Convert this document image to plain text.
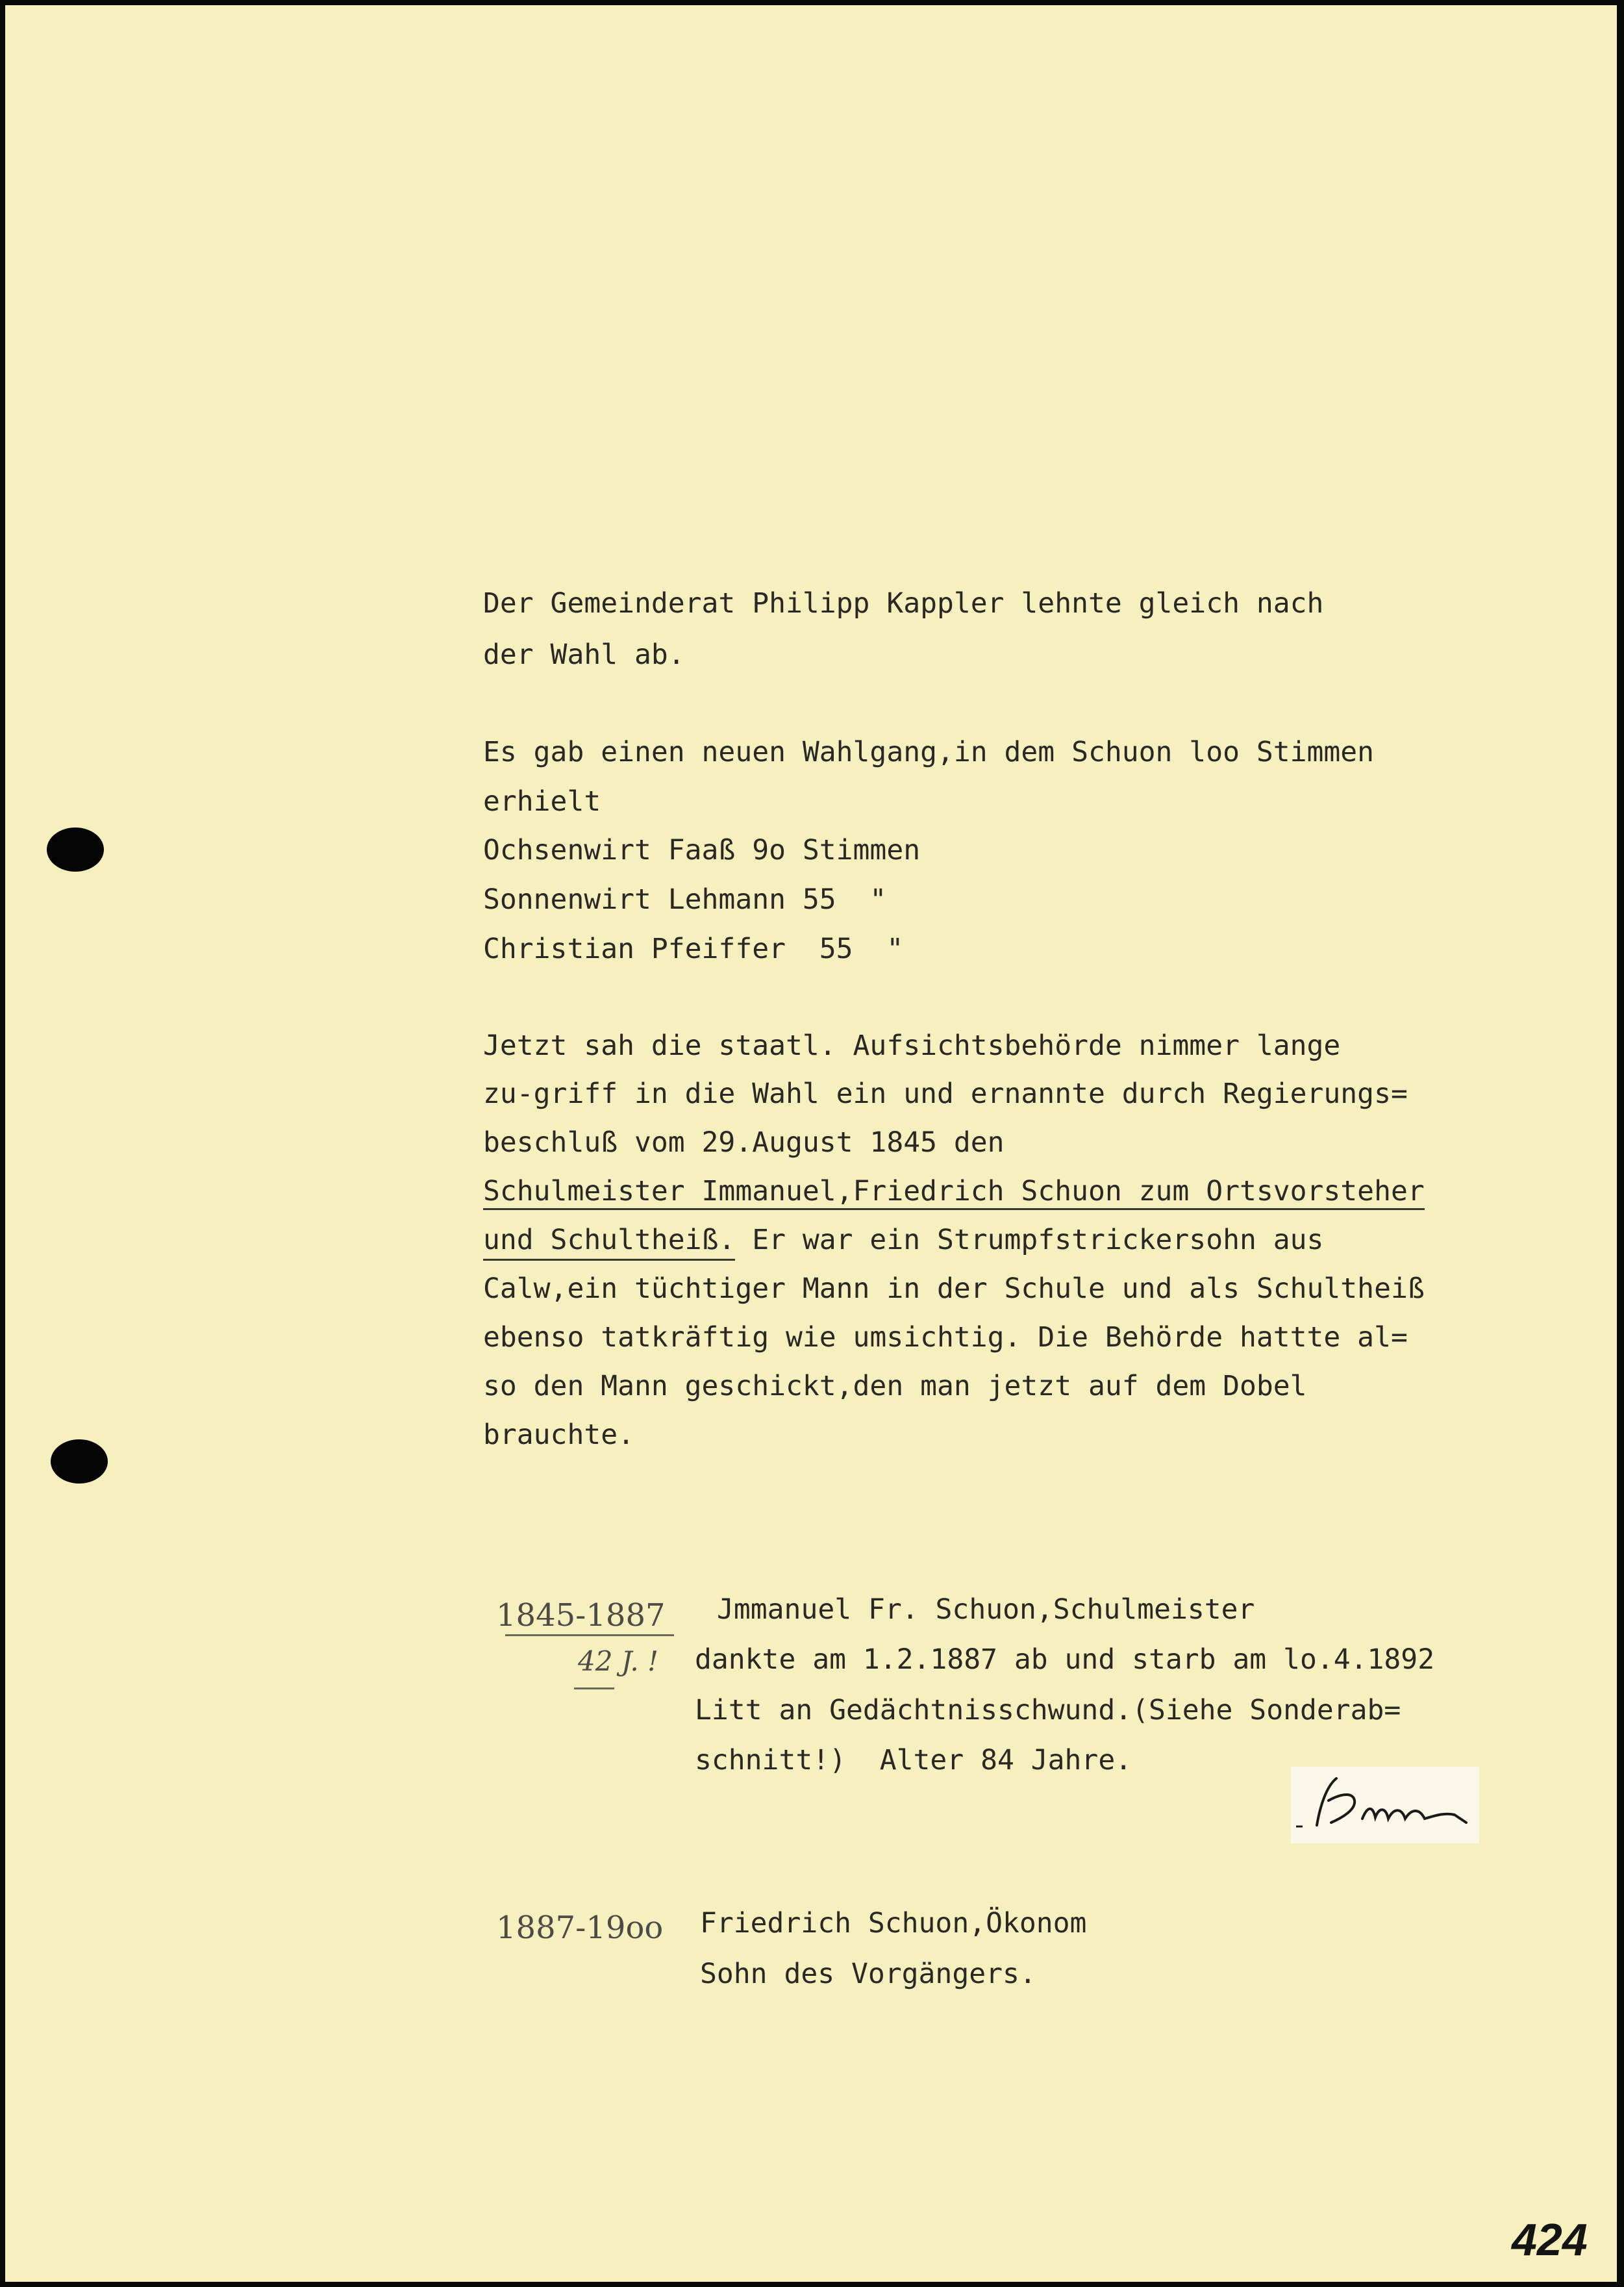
Der Gemeinderat Philipp Kappler lehnte gleich nach
der Wahl ab.
Es gab einen neuen Wahlgang,in dem Schuon loo Stimmen
erhielt
Ochsenwirt Faaß 9o Stimmen
Sonnenwirt Lehmann 55  "
Christian Pfeiffer  55  "
Jetzt sah die staatl. Aufsichtsbehörde nimmer lange
zu-griff in die Wahl ein und ernannte durch Regierungs=
beschluß vom 29.August 1845 den
Schulmeister Immanuel,Friedrich Schuon zum Ortsvorsteher
und Schultheiß. Er war ein Strumpfstrickersohn aus
Calw,ein tüchtiger Mann in der Schule und als Schultheiß
ebenso tatkräftig wie umsichtig. Die Behörde hattte al=
so den Mann geschickt,den man jetzt auf dem Dobel
brauchte.
1845-1887 Jmmanuel Fr. Schuon,Schulmeister
42 J. ! dankte am 1.2.1887 ab und starb am lo.4.1892
Litt an Gedächtnisschwund.(Siehe Sonderab=
schnitt!)  Alter 84 Jahre.
1887-19oo Friedrich Schuon,Ökonom
Sohn des Vorgängers.
424
